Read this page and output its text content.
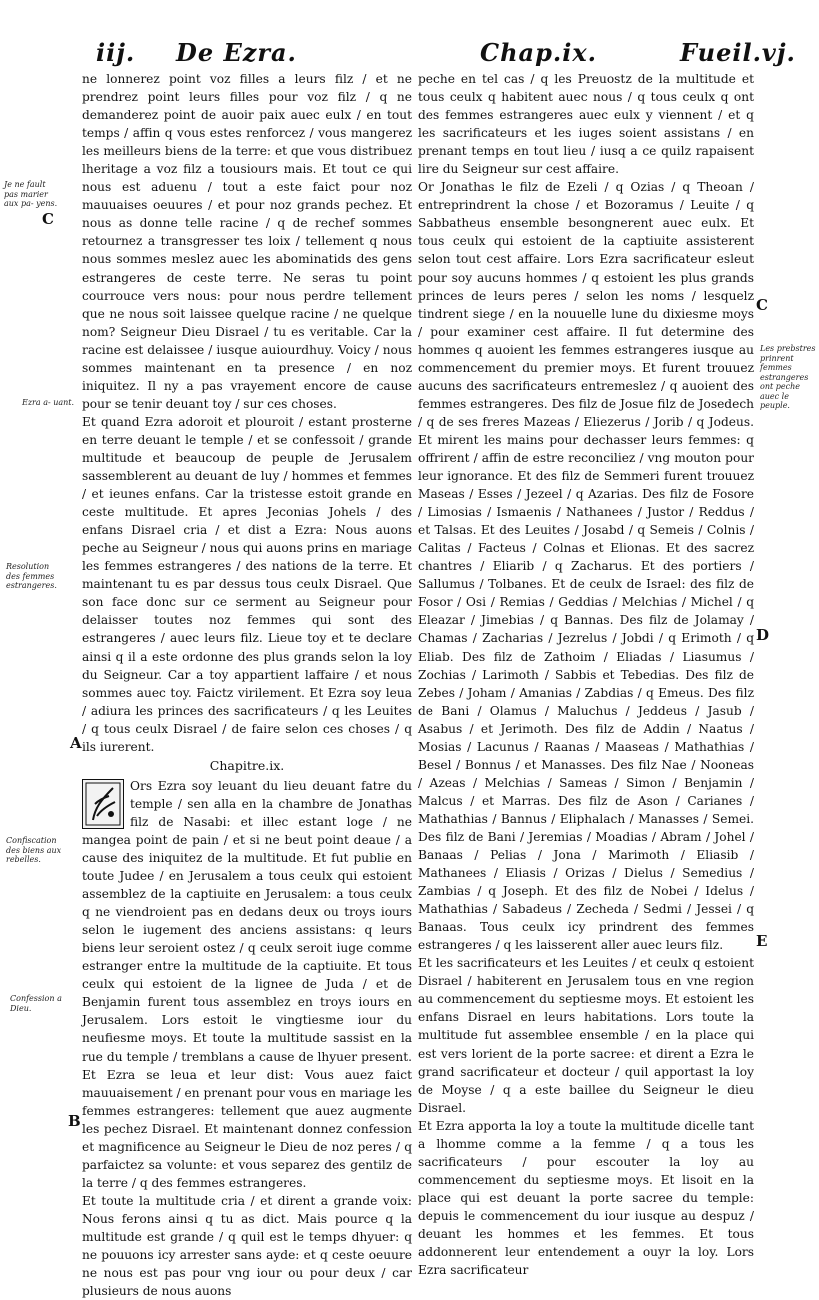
iij. De Ezra.	Chap.ix.	Fueil.vj.
Je ne fault pas marier aux pa- yens.
Ezra a- uant.
Resolution des femmes estrangeres.
Confiscation des biens aux rebelles.
Confession a Dieu.
C
A
B
Les prebstres prinrent femmes estrangeres ont peche auec le peuple.
C
D
E

ne lonnerez point voz filles a leurs filz / et ne prendrez point leurs filles pour voz filz / q ne demanderez point de auoir paix auec eulx / en tout temps / affin q vous estes renforcez / vous mangerez les meilleurs biens de la terre: et que vous distribuez lheritage a voz filz a tousiours mais. Et tout ce qui nous est aduenu / tout a este faict pour noz mauuaises oeuures / et pour noz grands pechez. Et nous as donne telle racine / q de rechef sommes retournez a transgresser tes loix / tellement q nous nous sommes meslez auec les abominatids des gens estrangeres de ceste terre. Ne seras tu point courrouce vers nous: pour nous perdre tellement que ne nous soit laissee quelque racine / ne quelque nom? Seigneur Dieu Disrael / tu es veritable. Car la racine est delaissee / iusque auiourdhuy. Voicy / nous sommes maintenant en ta presence / en noz iniquitez. Il ny a pas vrayement encore de cause pour se tenir deuant toy / sur ces choses.

Et quand Ezra adoroit et plouroit / estant prosterne en terre deuant le temple / et se confessoit / grande multitude et beaucoup de peuple de Jerusalem sassemblerent au deuant de luy / hommes et femmes / et ieunes enfans. Car la tristesse estoit grande en ceste multitude. Et apres Jeconias Johels / des enfans Disrael cria / et dist a Ezra: Nous auons peche au Seigneur / nous qui auons prins en mariage les femmes estrangeres / des nations de la terre. Et maintenant tu es par dessus tous ceulx Disrael. Que son face donc sur ce serment au Seigneur pour delaisser toutes noz femmes qui sont des estrangeres / auec leurs filz. Lieue toy et te declare ainsi q il a este ordonne des plus grands selon la loy du Seigneur. Car a toy appartient laffaire / et nous sommes auec toy. Faictz virilement. Et Ezra soy leua / adiura les princes des sacrificateurs / q les Leuites / q tous ceulx Disrael / de faire selon ces choses / q ils iurerent.

Chapitre.ix.

Ors Ezra soy leuant du lieu deuant fatre du temple / sen alla en la chambre de Jonathas filz de Nasabi: et illec estant loge / ne mangea point de pain / et si ne beut point deaue / a cause des iniquitez de la multitude. Et fut publie en toute Judee / en Jerusalem a tous ceulx qui estoient assemblez de la captiuite en Jerusalem: a tous ceulx q ne viendroient pas en dedans deux ou troys iours selon le iugement des anciens assistans: q leurs biens leur seroient ostez / q ceulx seroit iuge comme estranger entre la multitude de la captiuite. Et tous ceulx qui estoient de la lignee de Juda / et de Benjamin furent tous assemblez en troys iours en Jerusalem. Lors estoit le vingtiesme iour du neufiesme moys. Et toute la multitude sassist en la rue du temple / tremblans a cause de lhyuer present. Et Ezra se leua et leur dist: Vous auez faict mauuaisement / en prenant pour vous en mariage les femmes estrangeres: tellement que auez augmente les pechez Disrael. Et maintenant donnez confession et magnificence au Seigneur le Dieu de noz peres / q parfaictez sa volunte: et vous separez des gentilz de la terre / q des femmes estrangeres.

Et toute la multitude cria / et dirent a grande voix: Nous ferons ainsi q tu as dict. Mais pource q la multitude est grande / q quil est le temps dhyuer: q ne pouuons icy arrester sans ayde: et q ceste oeuure ne nous est pas pour vng iour ou pour deux / car plusieurs de nous auons

peche en tel cas / q les Preuostz de la multitude et tous ceulx q habitent auec nous / q tous ceulx q ont des femmes estrangeres auec eulx y viennent / et q les sacrificateurs et les iuges soient assistans / en prenant temps en tout lieu / iusq a ce quilz rapaisent lire du Seigneur sur cest affaire.

Or Jonathas le filz de Ezeli / q Ozias / q Theoan / entreprindrent la chose / et Bozoramus / Leuite / q Sabbatheus ensemble besongnerent auec eulx. Et tous ceulx qui estoient de la captiuite assisterent selon tout cest affaire. Lors Ezra sacrificateur esleut pour soy aucuns hommes / q estoient les plus grands princes de leurs peres / selon les noms / lesquelz tindrent siege / en la nouuelle lune du dixiesme moys / pour examiner cest affaire. Il fut determine des hommes q auoient les femmes estrangeres iusque au commencement du premier moys. Et furent trouuez aucuns des sacrificateurs entremeslez / q auoient des femmes estrangeres. Des filz de Josue filz de Josedech / q de ses freres Mazeas / Eliezerus / Jorib / q Jodeus. Et mirent les mains pour dechasser leurs femmes: q offrirent / affin de estre reconciliez / vng mouton pour leur ignorance. Et des filz de Semmeri furent trouuez Maseas / Esses / Jezeel / q Azarias. Des filz de Fosore / Limosias / Ismaenis / Nathanees / Justor / Reddus / et Talsas. Et des Leuites / Josabd / q Semeis / Colnis / Calitas / Facteus / Colnas et Elionas. Et des sacrez chantres / Eliarib / q Zacharus. Et des portiers / Sallumus / Tolbanes. Et de ceulx de Israel: des filz de Fosor / Osi / Remias / Geddias / Melchias / Michel / q Eleazar / Jimebias / q Bannas. Des filz de Jolamay / Chamas / Zacharias / Jezrelus / Jobdi / q Erimoth / q Eliab. Des filz de Zathoim / Eliadas / Liasumus / Zochias / Larimoth / Sabbis et Tebedias. Des filz de Zebes / Joham / Amanias / Zabdias / q Emeus. Des filz de Bani / Olamus / Maluchus / Jeddeus / Jasub / Asabus / et Jerimoth. Des filz de Addin / Naatus / Mosias / Lacunus / Raanas / Maaseas / Mathathias / Besel / Bonnus / et Manasses. Des filz Nae / Nooneas / Azeas / Melchias / Sameas / Simon / Benjamin / Malcus / et Marras. Des filz de Ason / Carianes / Mathathias / Bannus / Eliphalach / Manasses / Semei. Des filz de Bani / Jeremias / Moadias / Abram / Johel / Banaas / Pelias / Jona / Marimoth / Eliasib / Mathanees / Eliasis / Orizas / Dielus / Semedius / Zambias / q Joseph. Et des filz de Nobei / Idelus / Mathathias / Sabadeus / Zecheda / Sedmi / Jessei / q Banaas. Tous ceulx icy prindrent des femmes estrangeres / q les laisserent aller auec leurs filz.

Et les sacrificateurs et les Leuites / et ceulx q estoient Disrael / habiterent en Jerusalem tous en vne region au commencement du septiesme moys. Et estoient les enfans Disrael en leurs habitations. Lors toute la multitude fut assemblee ensemble / en la place qui est vers lorient de la porte sacree: et dirent a Ezra le grand sacrificateur et docteur / quil apportast la loy de Moyse / q a este baillee du Seigneur le dieu Disrael.

Et Ezra apporta la loy a toute la multitude dicelle tant a lhomme comme a la femme / q a tous les sacrificateurs / pour escouter la loy au commencement du septiesme moys. Et lisoit en la place qui est deuant la porte sacree du temple: depuis le commencement du iour iusque au despuz / deuant les hommes et les femmes. Et tous addonnerent leur entendement a ouyr la loy. Lors Ezra sacrificateur
